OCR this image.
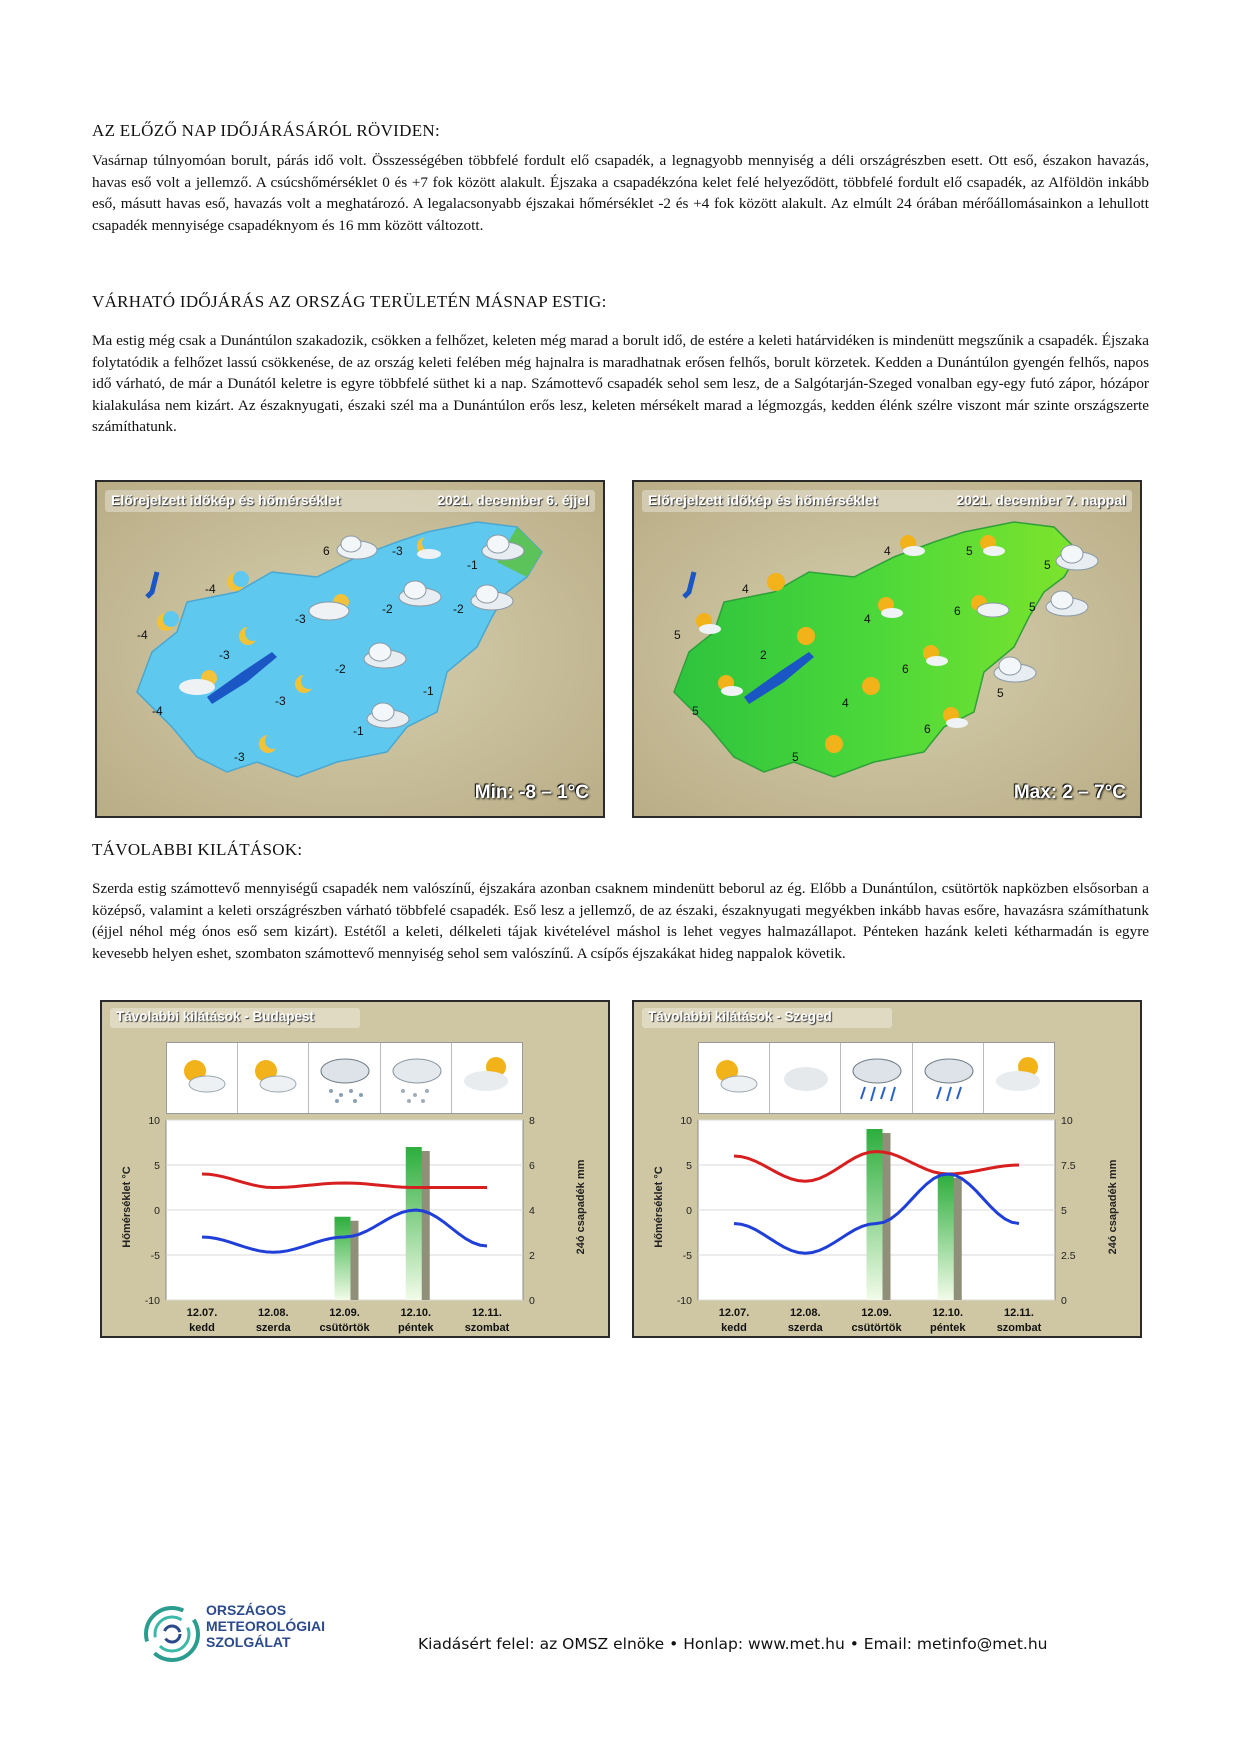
AZ ELŐZŐ NAP IDŐJÁRÁSÁRÓL RÖVIDEN:
Vasárnap túlnyomóan borult, párás idő volt. Összességében többfelé fordult elő csapadék, a legnagyobb mennyiség a déli országrészben esett. Ott eső, északon havazás, havas eső volt a jellemző. A csúcshőmérséklet 0 és +7 fok között alakult. Éjszaka a csapadékzóna kelet felé helyeződött, többfelé fordult elő csapadék, az Alföldön inkább eső, másutt havas eső, havazás volt a meghatározó. A legalacsonyabb éjszakai hőmérséklet -2 és +4 fok között alakult. Az elmúlt 24 órában mérőállomásainkon a lehullott csapadék mennyisége csapadéknyom és 16 mm között változott.
VÁRHATÓ IDŐJÁRÁS AZ ORSZÁG TERÜLETÉN MÁSNAP ESTIG:
Ma estig még csak a Dunántúlon szakadozik, csökken a felhőzet, keleten még marad a borult idő, de estére a keleti határvidéken is mindenütt megszűnik a csapadék. Éjszaka folytatódik a felhőzet lassú csökkenése, de az ország keleti felében még hajnalra is maradhatnak erősen felhős, borult körzetek. Kedden a Dunántúlon gyengén felhős, napos idő várható, de már a Dunától keletre is egyre többfelé süthet ki a nap. Számottevő csapadék sehol sem lesz, de a Salgótarján-Szeged vonalban egy-egy futó zápor, hózápor kialakulása nem kizárt. Az északnyugati, északi szél ma a Dunántúlon erős lesz, keleten mérsékelt marad a légmozgás, kedden élénk szélre viszont már szinte országszerte számíthatunk.
Előrejelzett időkép és hőmérséklet	2021. december 6. éjjel
6	-3
-1
-4
-2	-2
-3
-4
-3
-2
-1
-4
-3
-1
-3
Min: -8 – 1°C
Előrejelzett időkép és hőmérséklet	2021. december 7. nappal
4	5
5
4
5
4
6
5
2
6
5
4
6
5
5
Max: 2 – 7°C
TÁVOLABBI KILÁTÁSOK:
Szerda estig számottevő mennyiségű csapadék nem valószínű, éjszakára azonban csaknem mindenütt beborul az ég. Előbb a Dunántúlon, csütörtök napközben elsősorban a középső, valamint a keleti országrészben várható többfelé csapadék. Eső lesz a jellemző, de az északi, északnyugati megyékben inkább havas esőre, havazásra számíthatunk (éjjel néhol még ónos eső sem kizárt). Estétől a keleti, délkeleti tájak kivételével máshol is lehet vegyes halmazállapot. Pénteken hazánk keleti kétharmadán is egyre kevesebb helyen eshet, szombaton számottevő mennyiség sehol sem valószínű. A csípős éjszakákat hideg nappalok követik.
Távolabbi kilátások - Budapest
10
5
0
-5
-10
8
6
4
2
0
12.07.
kedd
12.08.
szerda
12.09.
csütörtök
12.10.
péntek
12.11.
szombat
Hőmérséklet °C	24ó csapadék mm
Távolabbi kilátások - Szeged
10
5
0
-5
-10
10
7.5
5
2.5
0
12.07.
kedd
12.08.
szerda
12.09.
csütörtök
12.10.
péntek
12.11.
szombat
Hőmérséklet °C	24ó csapadék mm
ORSZÁGOS
METEOROLÓGIAI
SZOLGÁLAT	Kiadásért felel: az OMSZ elnöke • Honlap: www.met.hu • Email: metinfo@met.hu
